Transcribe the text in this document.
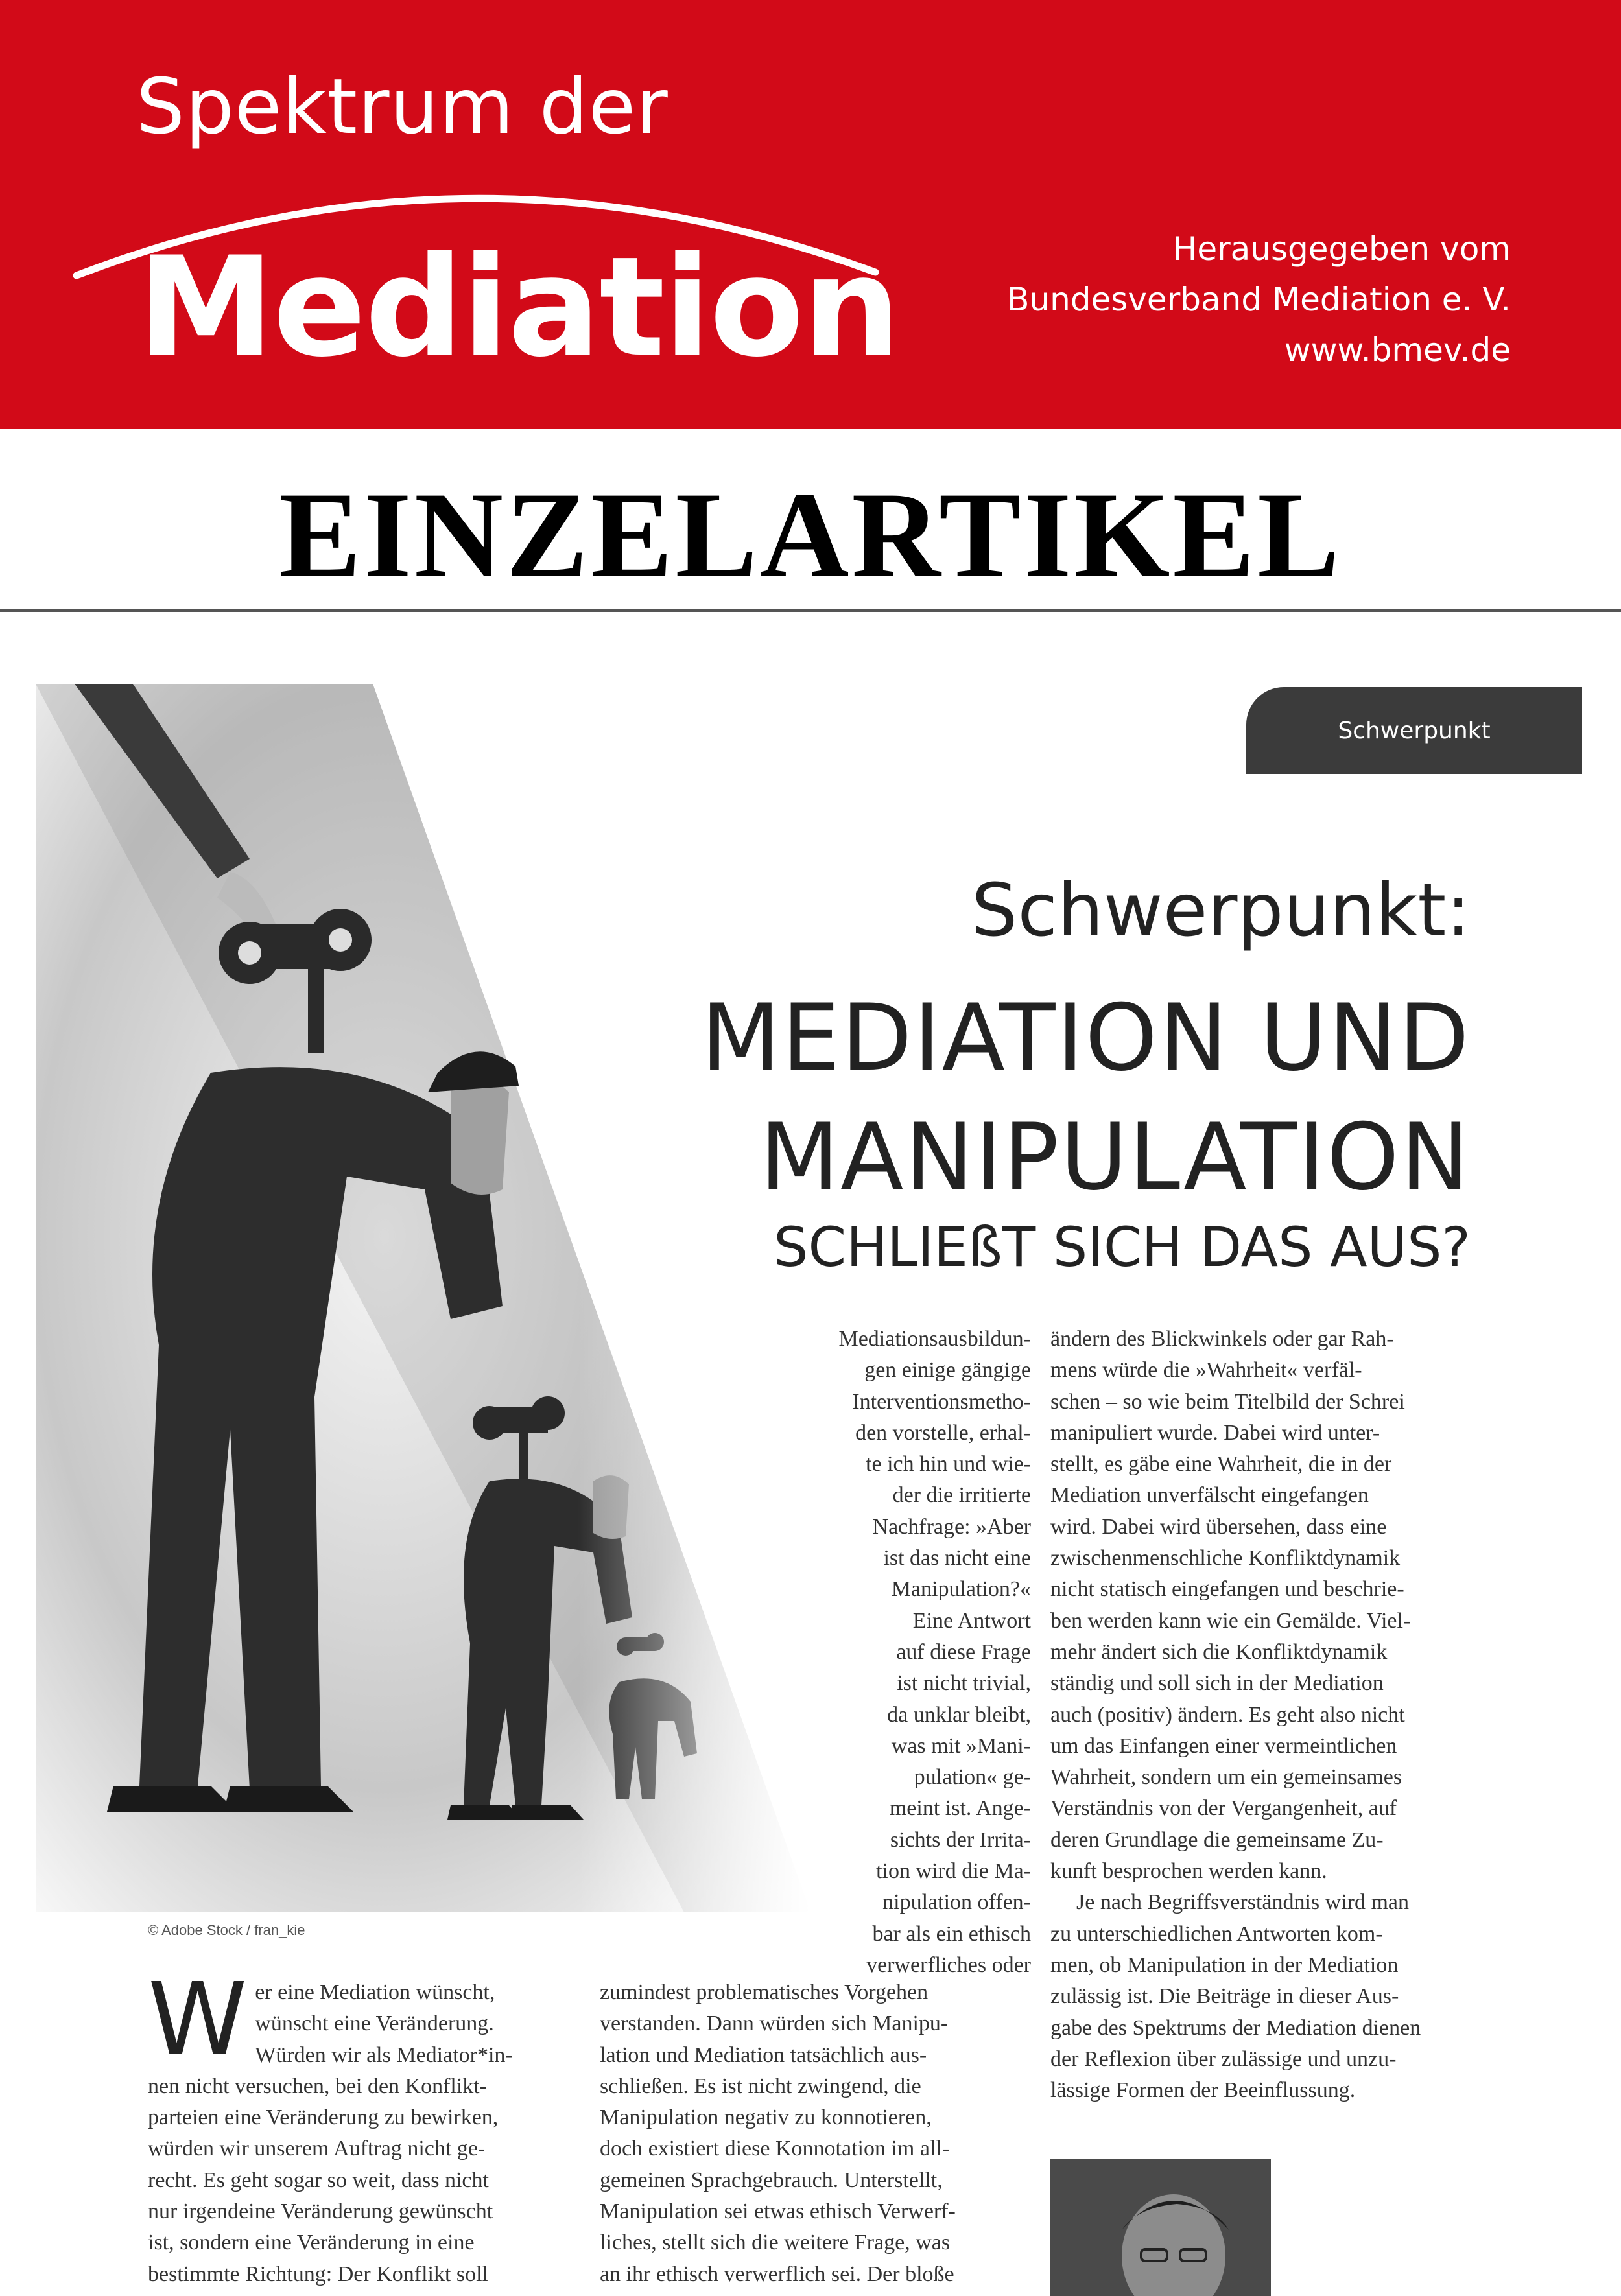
Spektrum der
Mediation	Herausgegeben vom
Bundesverband Mediation e. V.
www.bmev.de
EINZELARTIKEL
© Adobe Stock / fran_kie
Schwerpunkt
Schwerpunkt:
MEDIATION UND
MANIPULATION
SCHLIEßT SICH DAS AUS?

Mediationsausbildun-

gen einige gängige

Interventionsmetho-

den vorstelle, erhal-

te ich hin und wie-

der die irritierte

Nachfrage: »Aber

ist das nicht eine

Manipulation?«

Eine Antwort

auf diese Frage

ist nicht trivial,

da unklar bleibt,

was mit »Mani-

pulation« ge-

meint ist. Ange-

sichts der Irrita-

tion wird die Ma-

nipulation offen-

bar als ein ethisch

verwerfliches oder

ändern des Blickwinkels oder gar Rah-

mens würde die »Wahrheit« verfäl-

schen – so wie beim Titelbild der Schrei

manipuliert wurde. Dabei wird unter-

stellt, es gäbe eine Wahrheit, die in der

Mediation unverfälscht eingefangen

wird. Dabei wird übersehen, dass eine

zwischenmenschliche Konfliktdynamik

nicht statisch eingefangen und beschrie-

ben werden kann wie ein Gemälde. Viel-

mehr ändert sich die Konfliktdynamik

ständig und soll sich in der Mediation

auch (positiv) ändern. Es geht also nicht

um das Einfangen einer vermeintlichen

Wahrheit, sondern um ein gemeinsames

Verständnis von der Vergangenheit, auf

deren Grundlage die gemeinsame Zu-

kunft besprochen werden kann.

Je nach Begriffsverständnis wird man

zu unterschiedlichen Antworten kom-

men, ob Manipulation in der Mediation

zulässig ist. Die Beiträge in dieser Aus-

gabe des Spektrums der Mediation dienen

der Reflexion über zulässige und unzu-

lässige Formen der Beeinflussung.

W er eine Mediation wünscht,

wünscht eine Veränderung.

Würden wir als Mediator*in-

nen nicht versuchen, bei den Konflikt-

parteien eine Veränderung zu bewirken,

würden wir unserem Auftrag nicht ge-

recht. Es geht sogar so weit, dass nicht

nur irgendeine Veränderung gewünscht

ist, sondern eine Veränderung in eine

bestimmte Richtung: Der Konflikt soll

zumindest problematisches Vorgehen

verstanden. Dann würden sich Manipu-

lation und Mediation tatsächlich aus-

schließen. Es ist nicht zwingend, die

Manipulation negativ zu konnotieren,

doch existiert diese Konnotation im all-

gemeinen Sprachgebrauch. Unterstellt,

Manipulation sei etwas ethisch Verwerf-

liches, stellt sich die weitere Frage, was

an ihr ethisch verwerflich sei. Der bloße
